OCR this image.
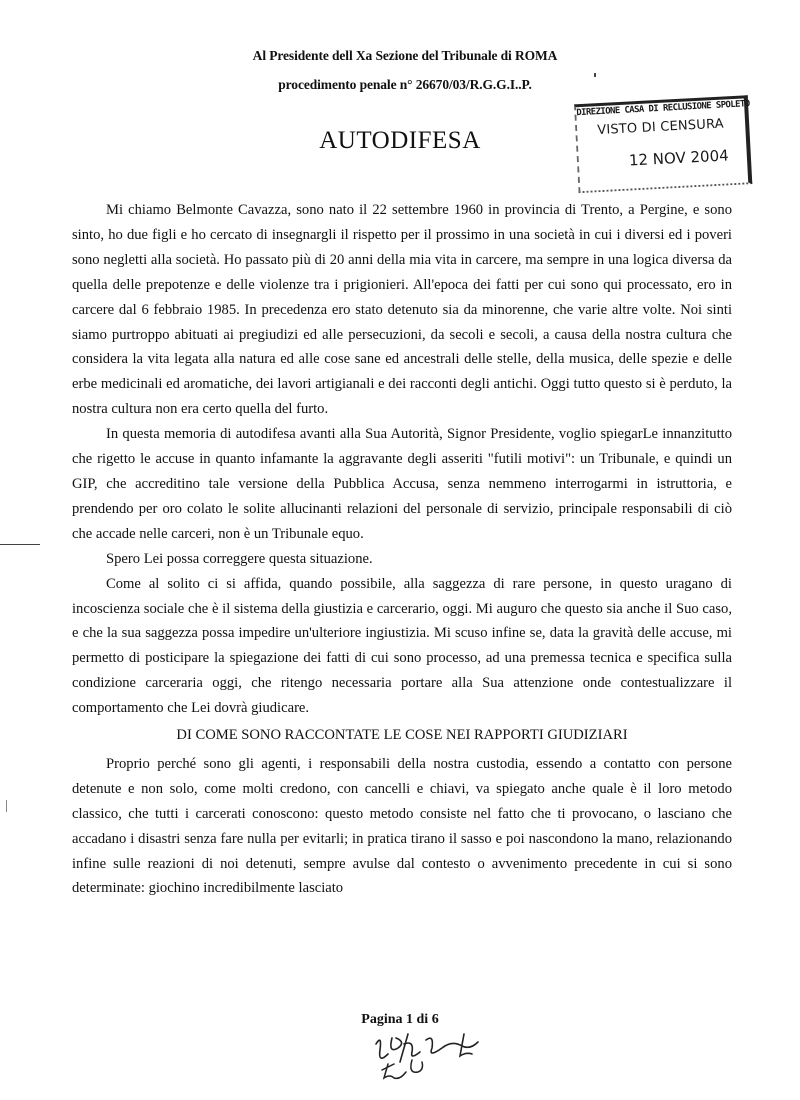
Al Presidente dell Xa Sezione del Tribunale di ROMA
procedimento penale n° 26670/03/R.G.G.I..P.
AUTODIFESA
DIREZIONE CASA DI RECLUSIONE SPOLETO
VISTO DI CENSURA
12 NOV 2004

Mi chiamo Belmonte Cavazza, sono nato il 22 settembre 1960 in provincia di Trento, a Pergine, e sono sinto, ho due figli e ho cercato di insegnargli il rispetto per il prossimo in una società in cui i diversi ed i poveri sono negletti alla società. Ho passato più di 20 anni della mia vita in carcere, ma sempre in una logica diversa da quella delle prepotenze e delle violenze tra i prigionieri. All'epoca dei fatti per cui sono qui processato, ero in carcere dal 6 febbraio 1985. In precedenza ero stato detenuto sia da minorenne, che varie altre volte. Noi sinti siamo purtroppo abituati ai pregiudizi ed alle persecuzioni, da secoli e secoli, a causa della nostra cultura che considera la vita legata alla natura ed alle cose sane ed ancestrali delle stelle, della musica, delle spezie e delle erbe medicinali ed aromatiche, dei lavori artigianali e dei racconti degli antichi. Oggi tutto questo si è perduto, la nostra cultura non era certo quella del furto.

In questa memoria di autodifesa avanti alla Sua Autorità, Signor Presidente, voglio spiegarLe innanzitutto che rigetto le accuse in quanto infamante la aggravante degli asseriti "futili motivi": un Tribunale, e quindi un GIP, che accreditino tale versione della Pubblica Accusa, senza nemmeno interrogarmi in istruttoria, e prendendo per oro colato le solite allucinanti relazioni del personale di servizio, principale responsabili di ciò che accade nelle carceri, non è un Tribunale equo.

Spero Lei possa correggere questa situazione.

Come al solito ci si affida, quando possibile, alla saggezza di rare persone, in questo uragano di incoscienza sociale che è il sistema della giustizia e carcerario, oggi. Mi auguro che questo sia anche il Suo caso, e che la sua saggezza possa impedire un'ulteriore ingiustizia. Mi scuso infine se, data la gravità delle accuse, mi permetto di posticipare la spiegazione dei fatti di cui sono processo, ad una premessa tecnica e specifica sulla condizione carceraria oggi, che ritengo necessaria portare alla Sua attenzione onde contestualizzare il comportamento che Lei dovrà giudicare.

DI COME SONO RACCONTATE LE COSE NEI RAPPORTI GIUDIZIARI

Proprio perché sono gli agenti, i responsabili della nostra custodia, essendo a contatto con persone detenute e non solo, come molti credono, con cancelli e chiavi, va spiegato anche quale è il loro metodo classico, che tutti i carcerati conoscono: questo metodo consiste nel fatto che ti provocano, o lasciano che accadano i disastri senza fare nulla per evitarli; in pratica tirano il sasso e poi nascondono la mano, relazionando infine sulle reazioni di noi detenuti, sempre avulse dal contesto o avvenimento precedente in cui si sono determinate: giochino incredibilmente lasciato

Pagina 1 di 6
